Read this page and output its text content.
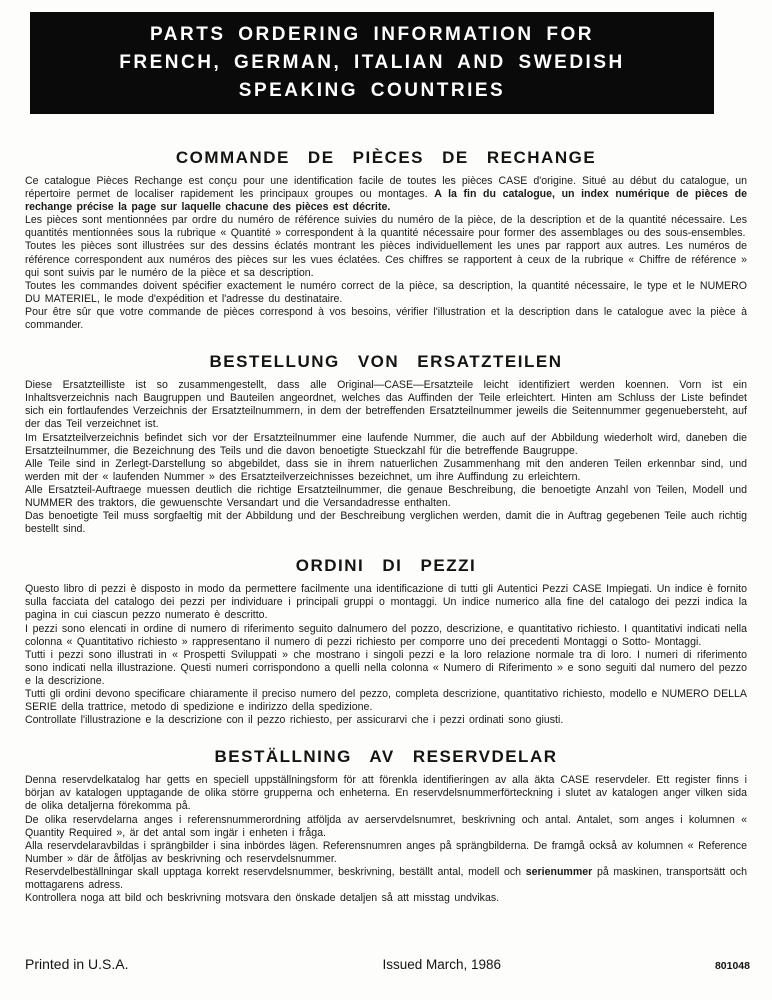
PARTS ORDERING INFORMATION FOR
FRENCH, GERMAN, ITALIAN AND SWEDISH
SPEAKING COUNTRIES
COMMANDE DE PIÈCES DE RECHANGE

Ce catalogue Pièces Rechange est conçu pour une identification facile de toutes les pièces CASE d'origine. Situé au début du catalogue, un répertoire permet de localiser rapidement les principaux groupes ou montages. A la fin du catalogue, un index numérique de pièces de rechange précise la page sur laquelle chacune des pièces est décrite.

Les pièces sont mentionnées par ordre du numéro de référence suivies du numéro de la pièce, de la description et de la quantité nécessaire. Les quantités mentionnées sous la rubrique « Quantité » correspondent à la quantité nécessaire pour former des assemblages ou des sous-ensembles.

Toutes les pièces sont illustrées sur des dessins éclatés montrant les pièces individuellement les unes par rapport aux autres. Les numéros de référence correspondent aux numéros des pièces sur les vues éclatées. Ces chiffres se rapportent à ceux de la rubrique « Chiffre de référence » qui sont suivis par le numéro de la pièce et sa description.

Toutes les commandes doivent spécifier exactement le numéro correct de la pièce, sa description, la quantité nécessaire, le type et le NUMERO DU MATERIEL, le mode d'expédition et l'adresse du destinataire.

Pour être sûr que votre commande de pièces correspond à vos besoins, vérifier l'illustration et la description dans le catalogue avec la pièce à commander.

BESTELLUNG VON ERSATZTEILEN

Diese Ersatzteilliste ist so zusammengestellt, dass alle Original—CASE—Ersatzteile leicht identifiziert werden koennen. Vorn ist ein Inhaltsverzeichnis nach Baugruppen und Bauteilen angeordnet, welches das Auffinden der Teile erleichtert. Hinten am Schluss der Liste befindet sich ein fortlaufendes Verzeichnis der Ersatzteilnummern, in dem der betreffenden Ersatzteilnummer jeweils die Seitennummer gegenuebersteht, auf der das Teil verzeichnet ist.

Im Ersatzteilverzeichnis befindet sich vor der Ersatzteilnummer eine laufende Nummer, die auch auf der Abbildung wiederholt wird, daneben die Ersatzteilnummer, die Bezeichnung des Teils und die davon benoetigte Stueckzahl für die betreffende Baugruppe.

Alle Teile sind in Zerlegt-Darstellung so abgebildet, dass sie in ihrem natuerlichen Zusammenhang mit den anderen Teilen erkennbar sind, und werden mit der « laufenden Nummer » des Ersatzteilverzeichnisses bezeichnet, um ihre Auffindung zu erleichtern.

Alle Ersatzteil-Auftraege muessen deutlich die richtige Ersatzteilnummer, die genaue Beschreibung, die benoetigte Anzahl von Teilen, Modell und NUMMER des traktors, die gewuenschte Versandart und die Versandadresse enthalten.

Das benoetigte Teil muss sorgfaeltig mit der Abbildung und der Beschreibung verglichen werden, damit die in Auftrag gegebenen Teile auch richtig bestellt sind.

ORDINI DI PEZZI

Questo libro di pezzi è disposto in modo da permettere facilmente una identificazione di tutti gli Autentici Pezzi CASE Impiegati. Un indice è fornito sulla facciata del catalogo dei pezzi per individuare i principali gruppi o montaggi. Un indice numerico alla fine del catalogo dei pezzi indica la pagina in cui ciascun pezzo numerato è descritto.

I pezzi sono elencati in ordine di numero di riferimento seguito dalnumero del pozzo, descrizione, e quantitativo richiesto. I quantitativi indicati nella colonna « Quantitativo richiesto » rappresentano il numero di pezzi richiesto per comporre uno dei precedenti Montaggi o Sotto- Montaggi.

Tutti i pezzi sono illustrati in « Prospetti Sviluppati » che mostrano i singoli pezzi e la loro relazione normale tra di loro. I numeri di riferimento sono indicati nella illustrazione. Questi numeri corrispondono a quelli nella colonna « Numero di Riferimento » e sono seguiti dal numero del pezzo e la descrizione.

Tutti gli ordini devono specificare chiaramente il preciso numero del pezzo, completa descrizione, quantitativo richiesto, modello e NUMERO DELLA SERIE della trattrice, metodo di spedizione e indirizzo della spedizione.

Controllate l'illustrazione e la descrizione con il pezzo richiesto, per assicurarvi che i pezzi ordinati sono giusti.

BESTÄLLNING AV RESERVDELAR

Denna reservdelkatalog har getts en speciell uppställningsform för att förenkla identifieringen av alla äkta CASE reservdeler. Ett register finns i början av katalogen upptagande de olika större grupperna och enheterna. En reservdelsnummerförteckning i slutet av katalogen anger vilken sida de olika detaljerna förekomma på.

De olika reservdelarna anges i referensnummerordning atföljda av aerservdelsnumret, beskrivning och antal. Antalet, som anges i kolumnen « Quantity Required », är det antal som ingär i enheten i fråga.

Alla reservdelaravbildas i sprängbilder i sina inbördes lägen. Referensnumren anges på sprängbilderna. De framgå också av kolumnen « Reference Number » där de åtföljas av beskrivning och reservdelsnummer.

Reservdelbeställningar skall upptaga korrekt reservdelsnummer, beskrivning, beställt antal, modell och serienummer på maskinen, transportsätt och mottagarens adress.

Kontrollera noga att bild och beskrivning motsvara den önskade detaljen så att misstag undvikas.

Printed in U.S.A.	Issued March, 1986	801048
